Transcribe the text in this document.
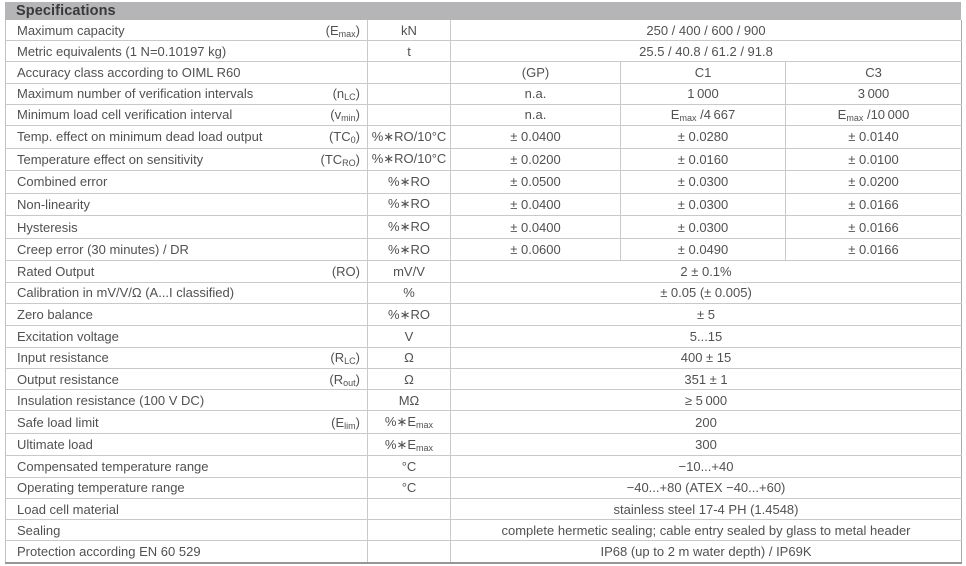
Specifications
Maximum capacity $(E_{max})$	kN	250 / 400 / 600 / 900		

Metric equivalents (1 N=0.10197 kg)	t	25.5 / 40.8 / 61.2 / 91.8		

Accuracy class according to OIML R60		(GP)	C1	C3

Maximum number of verification intervals $(n_{LC})$		n.a.	1 000	3 000

Minimum load cell verification interval $(v_{min})$		n.a.	$E_{max}$ /4 667	$E_{max}$ /10 000

Temp. effect on minimum dead load output $(TC_0)$	%∗RO/10°C	± 0.0400	± 0.0280	± 0.0140

Temperature effect on sensitivity $(TC_{RO})$	%∗RO/10°C	± 0.0200	± 0.0160	± 0.0100

Combined error	%∗RO	± 0.0500	± 0.0300	± 0.0200

Non-linearity	%∗RO	± 0.0400	± 0.0300	± 0.0166

Hysteresis	%∗RO	± 0.0400	± 0.0300	± 0.0166

Creep error (30 minutes) / DR	%∗RO	± 0.0600	± 0.0490	± 0.0166

Rated Output (RO)	mV/V	2 ± 0.1%		

Calibration in mV/V/Ω (A...I classified)	%	± 0.05 (± 0.005)		

Zero balance	%∗RO	± 5		

Excitation voltage	V	5...15		

Input resistance $(R_{LC})$	Ω	400 ± 15		

Output resistance $(R_{out})$	Ω	351 ± 1		

Insulation resistance (100 V DC)	MΩ	≥ 5 000		

Safe load limit $(E_{lim})$	$\%∗E_{max}$	200		

Ultimate load	$\%∗E_{max}$	300		

Compensated temperature range	°C	−10...+40		

Operating temperature range	°C	−40...+80 (ATEX −40...+60)		

Load cell material		stainless steel 17-4 PH (1.4548)		

Sealing		complete hermetic sealing; cable entry sealed by glass to metal header		

Protection according EN 60 529		IP68 (up to 2 m water depth) / IP69K		
